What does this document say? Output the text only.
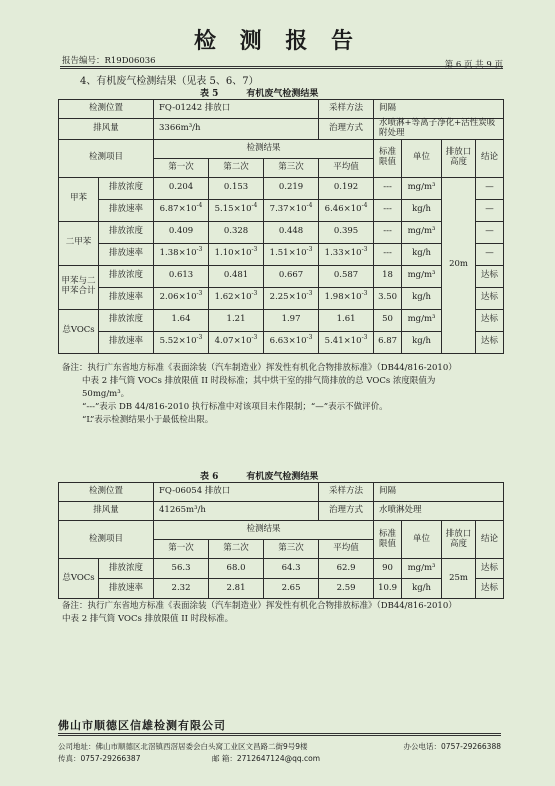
检 测 报 告
报告编号：R19D06036	第 6 页 共 9 页
4、有机废气检测结果（见表 5、6、7）
表 5	有机废气检测结果
检测位置		FQ-01242 排放口			采样方法	间隔			
排风量		3366m³/h			治理方式	水喷淋+等离子净化+活性炭吸附处理			
检测项目		检测结果				标准限值	单位	排放口高度	结论
		第一次	第二次	第三次	平均值				
甲苯	排放浓度	0.204	0.153	0.219	0.192	---	mg/m³	20m	—
	排放速率	$6.87\times 10^{-4}$	$5.15\times 10^{-4}$	$7.37\times 10^{-4}$	$6.46\times 10^{-4}$	---	kg/h		—
二甲苯	排放浓度	0.409	0.328	0.448	0.395	---	mg/m³		—
	排放速率	$1.38\times 10^{-3}$	$1.10\times 10^{-3}$	$1.51\times 10^{-3}$	$1.33\times 10^{-3}$	---	kg/h		—
甲苯与二甲苯合计	排放浓度	0.613	0.481	0.667	0.587	18	mg/m³		达标
	排放速率	$2.06\times 10^{-3}$	$1.62\times 10^{-3}$	$2.25\times 10^{-3}$	$1.98\times 10^{-3}$	3.50	kg/h		达标
总VOCs	排放浓度	1.64	1.21	1.97	1.61	50	mg/m³		达标
	排放速率	$5.52\times 10^{-3}$	$4.07\times 10^{-3}$	$6.63\times 10^{-3}$	$5.41\times 10^{-3}$	6.87	kg/h		达标

备注：执行广东省地方标准《表面涂装（汽车制造业）挥发性有机化合物排放标准》（DB44/816-2010）

中表 2 排气筒 VOCs 排放限值 II 时段标准；其中烘干室的排气筒排放的总 VOCs 浓度限值为

50mg/m³。

“---”表示 DB 44/816-2010 执行标准中对该项目未作限制；“—”表示不做评价。

“L”表示检测结果小于最低检出限。

表 6	有机废气检测结果
检测位置		FQ-06054 排放口			采样方法	间隔			
排风量		41265m³/h			治理方式	水喷淋处理			
检测项目		检测结果				标准限值	单位	排放口高度	结论
		第一次	第二次	第三次	平均值				
总VOCs	排放浓度	56.3	68.0	64.3	62.9	90	mg/m³	25m	达标
	排放速率	2.32	2.81	2.65	2.59	10.9	kg/h		达标

备注：执行广东省地方标准《表面涂装（汽车制造业）挥发性有机化合物排放标准》（DB44/816-2010）

中表 2 排气筒 VOCs 排放限值 II 时段标准。

佛山市顺德区信雄检测有限公司
公司地址：佛山市顺德区北滘镇西滘居委会白头窝工业区文昌路二街9号9楼	办公电话：0757-29266388
传真：0757-29266387	邮 箱：2712647124@qq.com
